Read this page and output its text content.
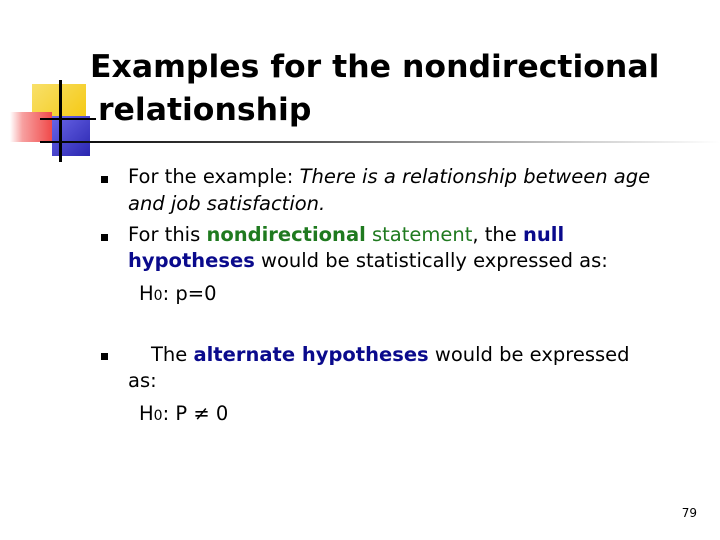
Examples for the nondirectional
relationship
For the example: There is a relationship between age
and job satisfaction.
For this nondirectional statement, the null
hypotheses would be statistically expressed as:
H0: p=0
The alternate hypotheses would be expressed
as:
H0: P ≠ 0
79
